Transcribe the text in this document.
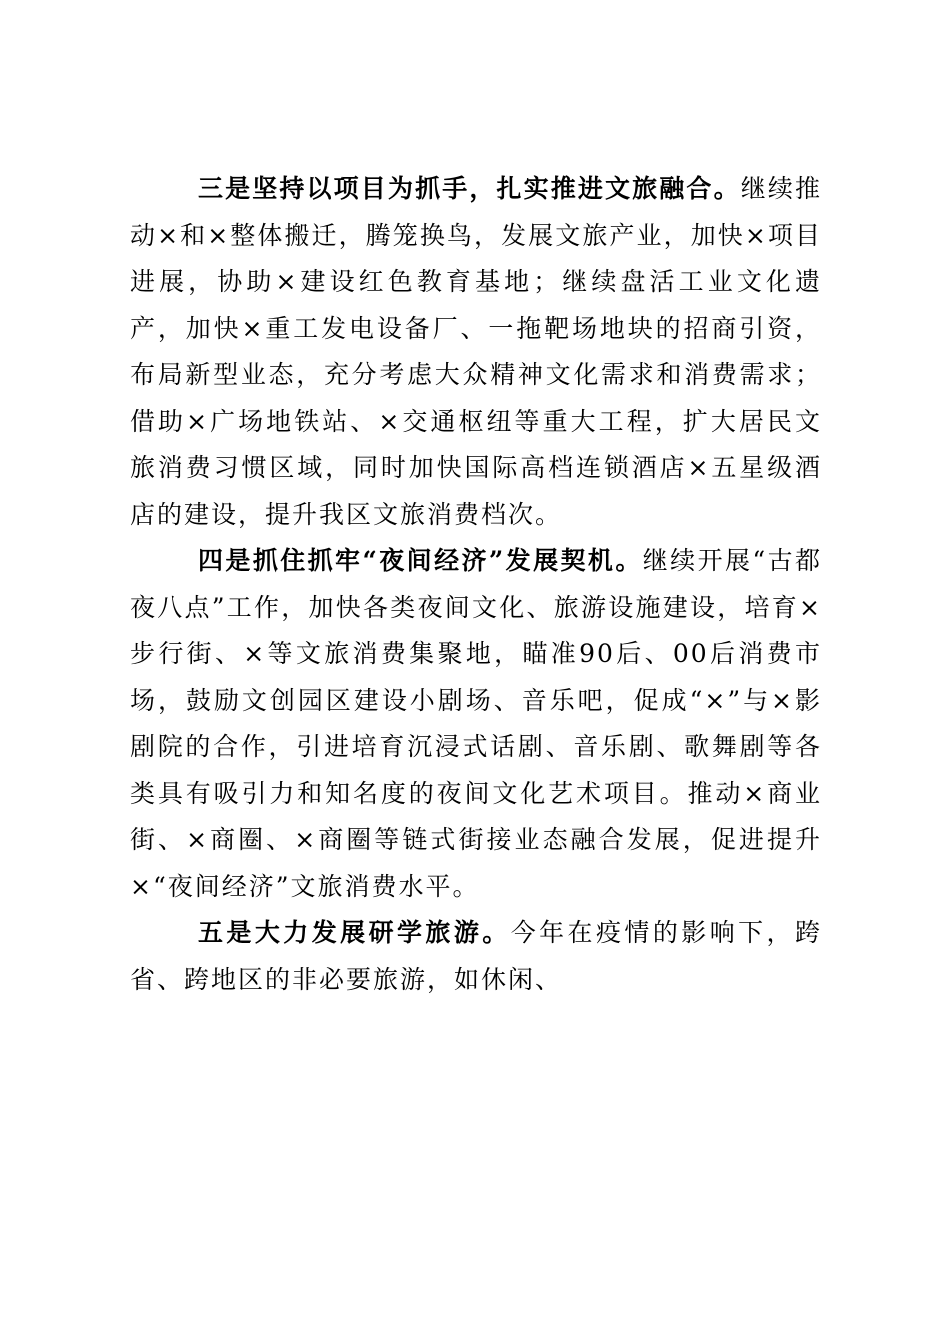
三是坚持以项目为抓手，扎实推进文旅融合。继续推动×和×整体搬迁，腾笼换鸟，发展文旅产业，加快×项目进展，协助×建设红色教育基地；继续盘活工业文化遗产，加快×重工发电设备厂、一拖靶场地块的招商引资，布局新型业态，充分考虑大众精神文化需求和消费需求；借助×广场地铁站、×交通枢纽等重大工程，扩大居民文旅消费习惯区域，同时加快国际高档连锁酒店×五星级酒店的建设，提升我区文旅消费档次。

四是抓住抓牢“夜间经济”发展契机。继续开展“古都夜八点”工作，加快各类夜间文化、旅游设施建设，培育×步行街、×等文旅消费集聚地，瞄准90后、00后消费市场，鼓励文创园区建设小剧场、音乐吧，促成“×”与×影剧院的合作，引进培育沉浸式话剧、音乐剧、歌舞剧等各类具有吸引力和知名度的夜间文化艺术项目。推动×商业街、×商圈、×商圈等链式街接业态融合发展，促进提升×“夜间经济”文旅消费水平。

五是大力发展研学旅游。今年在疫情的影响下，跨省、跨地区的非必要旅游，如休闲、
